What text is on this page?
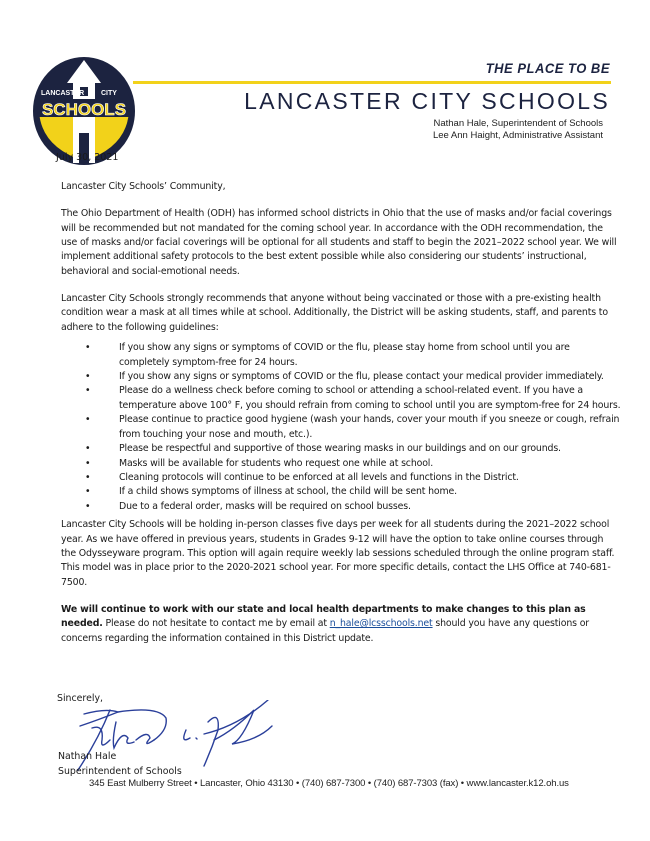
LANCASTER CITY
SCHOOLS
THE PLACE TO BE
LANCASTER CITY SCHOOLS
Nathan Hale, Superintendent of Schools
Lee Ann Haight, Administrative Assistant
July 30, 2021

Lancaster City Schools’ Community,

The Ohio Department of Health (ODH) has informed school districts in Ohio that the use of masks and/or facial coverings will be recommended but not mandated for the coming school year. In accordance with the ODH recommendation, the use of masks and/or facial coverings will be optional for all students and staff to begin the 2021–2022 school year. We will implement additional safety protocols to the best extent possible while also considering our students’ instructional, behavioral and social-emotional needs.

Lancaster City Schools strongly recommends that anyone without being vaccinated or those with a pre-existing health condition wear a mask at all times while at school. Additionally, the District will be asking students, staff, and parents to adhere to the following guidelines:

•	If you show any signs or symptoms of COVID or the flu, please stay home from school until you are completely symptom-free for 24 hours.
•	If you show any signs or symptoms of COVID or the flu, please contact your medical provider immediately.
•	Please do a wellness check before coming to school or attending a school-related event. If you have a temperature above 100° F, you should refrain from coming to school until you are symptom-free for 24 hours.
•	Please continue to practice good hygiene (wash your hands, cover your mouth if you sneeze or cough, refrain from touching your nose and mouth, etc.).
•	Please be respectful and supportive of those wearing masks in our buildings and on our grounds.
•	Masks will be available for students who request one while at school.
•	Cleaning protocols will continue to be enforced at all levels and functions in the District.
•	If a child shows symptoms of illness at school, the child will be sent home.
•	Due to a federal order, masks will be required on school busses.

Lancaster City Schools will be holding in-person classes five days per week for all students during the 2021–2022 school year. As we have offered in previous years, students in Grades 9-12 will have the option to take online courses through the Odysseyware program. This option will again require weekly lab sessions scheduled through the online program staff. This model was in place prior to the 2020-2021 school year. For more specific details, contact the LHS Office at 740-681-7500.

We will continue to work with our state and local health departments to make changes to this plan as needed. Please do not hesitate to contact me by email at n_hale@lcsschools.net should you have any questions or concerns regarding the information contained in this District update.

Sincerely,
Nathan Hale
Superintendent of Schools
345 East Mulberry Street • Lancaster, Ohio 43130 • (740) 687-7300 • (740) 687-7303 (fax) • www.lancaster.k12.oh.us
